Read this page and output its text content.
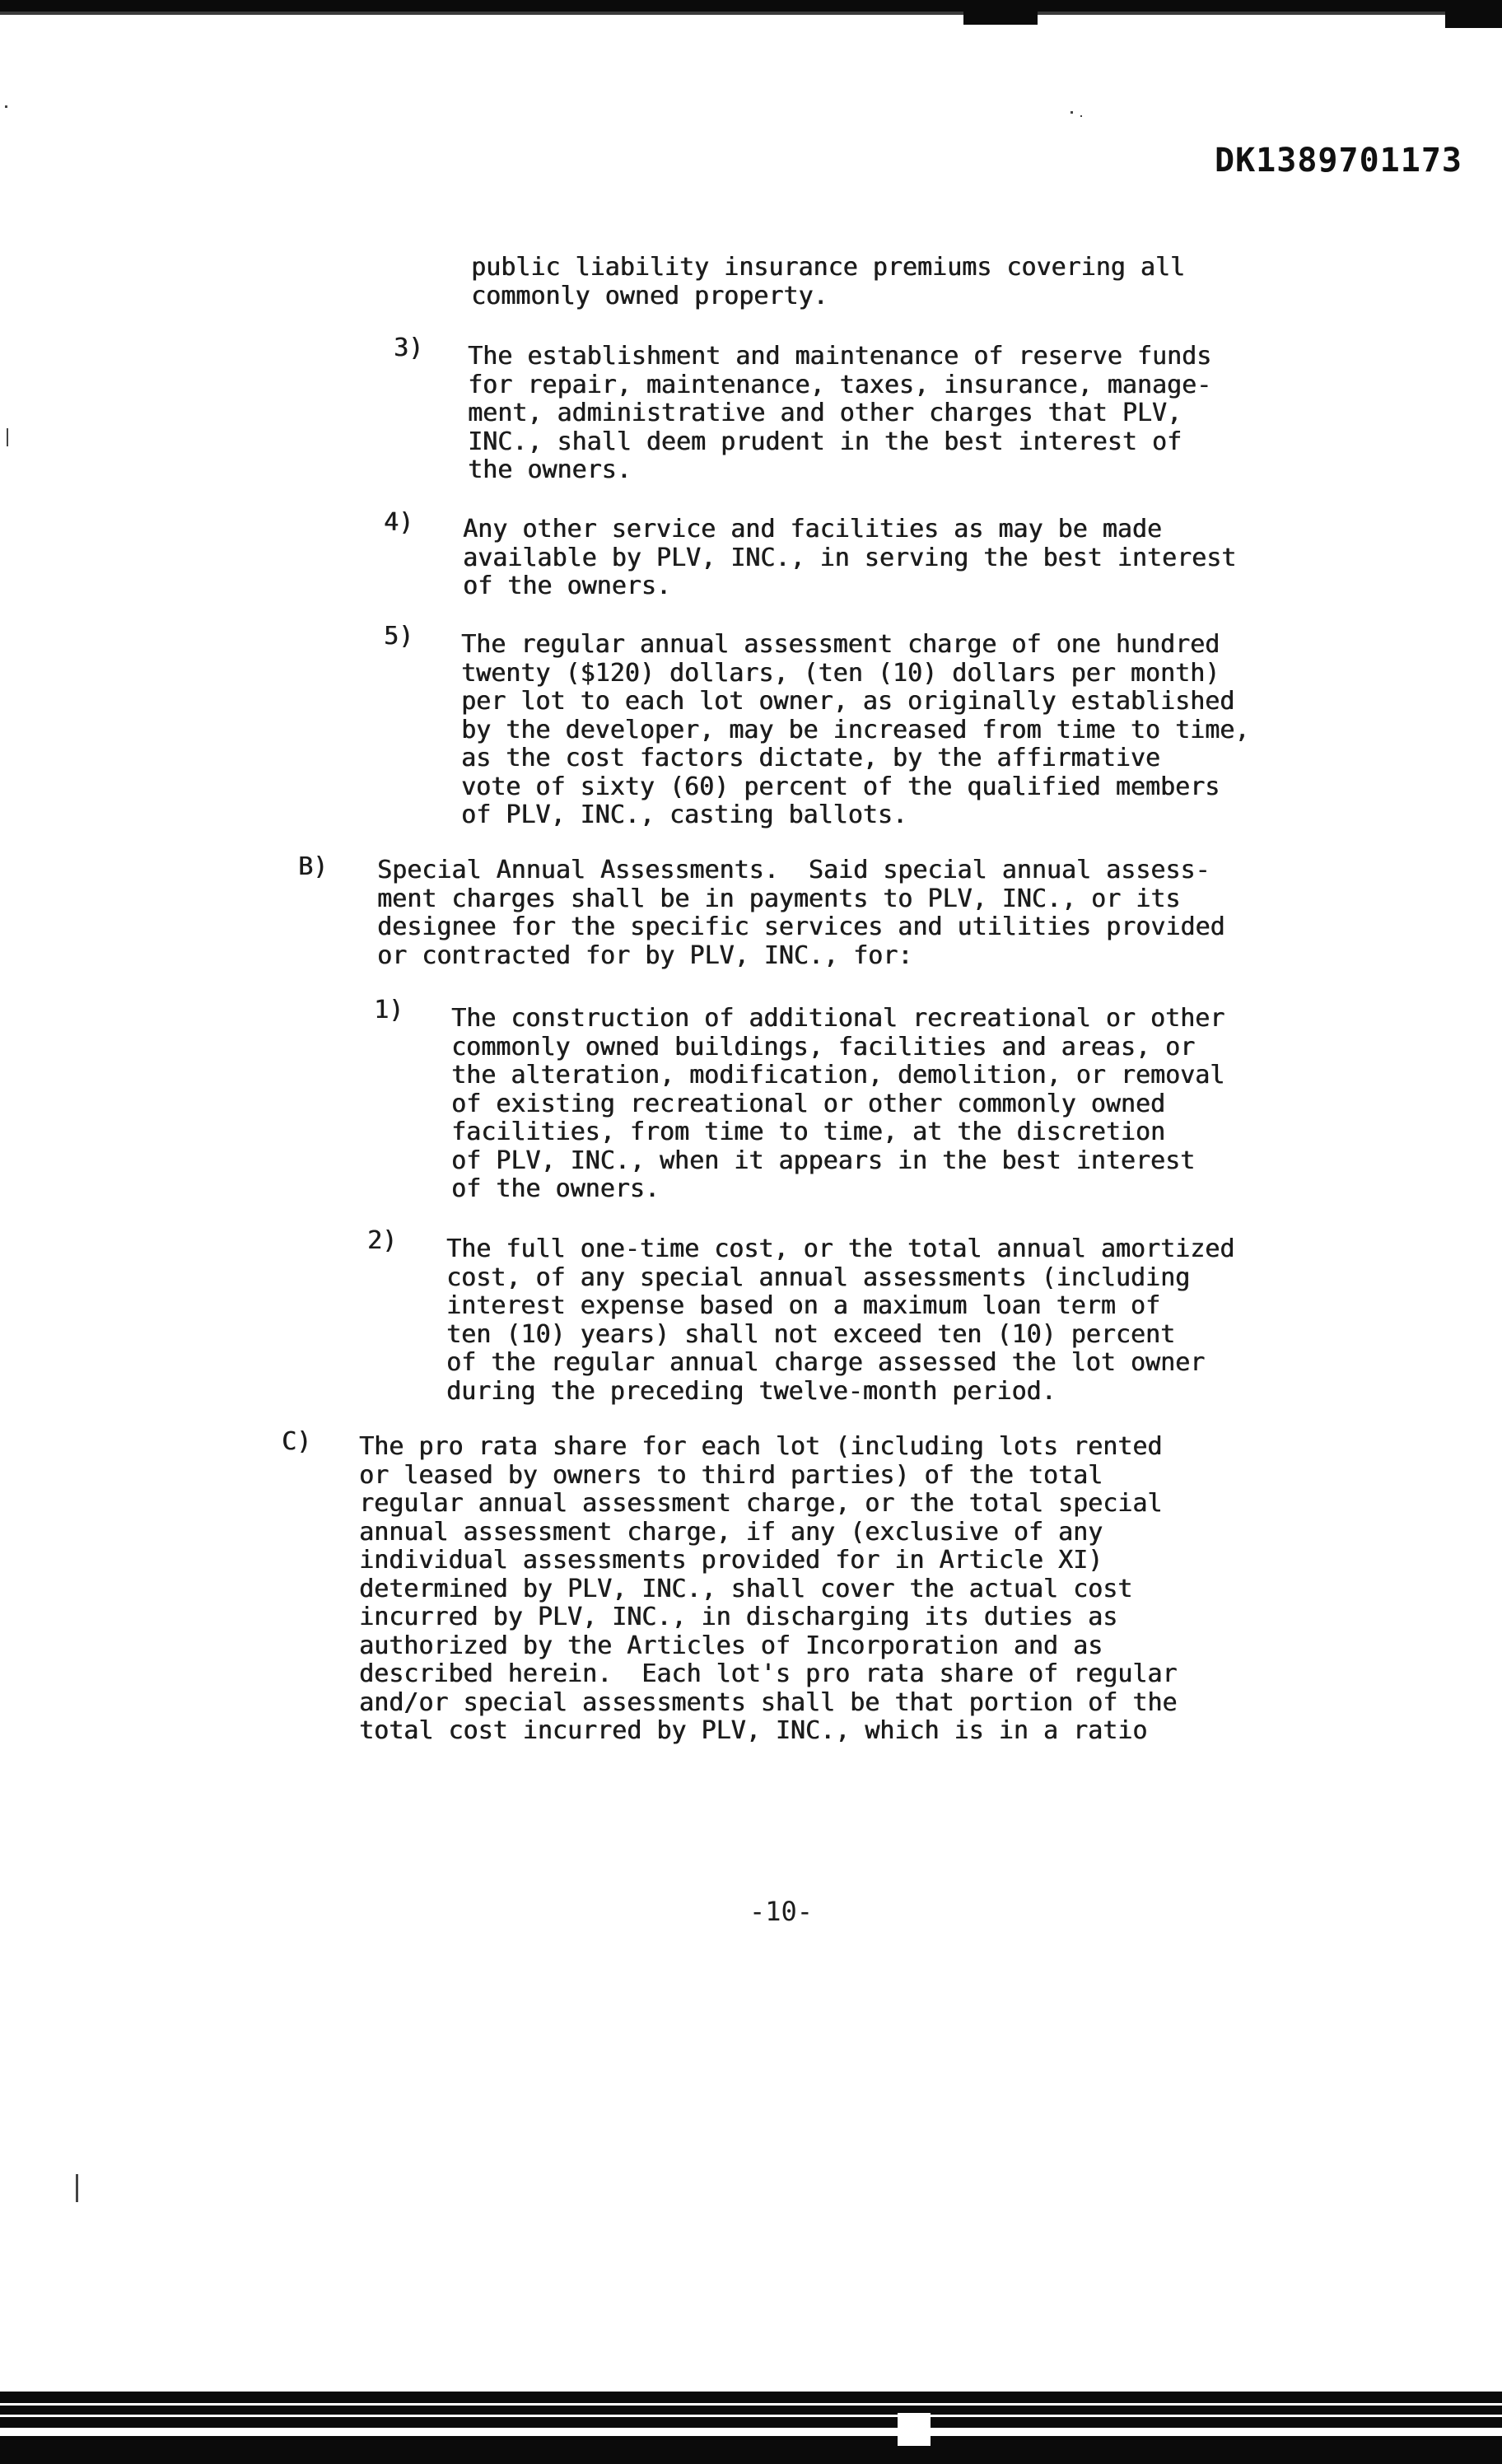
DK1389701173
public liability insurance premiums covering all
commonly owned property.
3) The establishment and maintenance of reserve funds
for repair, maintenance, taxes, insurance, manage-
ment, administrative and other charges that PLV,
INC., shall deem prudent in the best interest of
the owners.
4) Any other service and facilities as may be made
available by PLV, INC., in serving the best interest
of the owners.
5) The regular annual assessment charge of one hundred
twenty ($120) dollars, (ten (10) dollars per month)
per lot to each lot owner, as originally established
by the developer, may be increased from time to time,
as the cost factors dictate, by the affirmative
vote of sixty (60) percent of the qualified members
of PLV, INC., casting ballots.
B) Special Annual Assessments.  Said special annual assess-
ment charges shall be in payments to PLV, INC., or its
designee for the specific services and utilities provided
or contracted for by PLV, INC., for:
1) The construction of additional recreational or other
commonly owned buildings, facilities and areas, or
the alteration, modification, demolition, or removal
of existing recreational or other commonly owned
facilities, from time to time, at the discretion
of PLV, INC., when it appears in the best interest
of the owners.
2) The full one-time cost, or the total annual amortized
cost, of any special annual assessments (including
interest expense based on a maximum loan term of
ten (10) years) shall not exceed ten (10) percent
of the regular annual charge assessed the lot owner
during the preceding twelve-month period.
C) The pro rata share for each lot (including lots rented
or leased by owners to third parties) of the total
regular annual assessment charge, or the total special
annual assessment charge, if any (exclusive of any
individual assessments provided for in Article XI)
determined by PLV, INC., shall cover the actual cost
incurred by PLV, INC., in discharging its duties as
authorized by the Articles of Incorporation and as
described herein.  Each lot's pro rata share of regular
and/or special assessments shall be that portion of the
total cost incurred by PLV, INC., which is in a ratio
-10-
